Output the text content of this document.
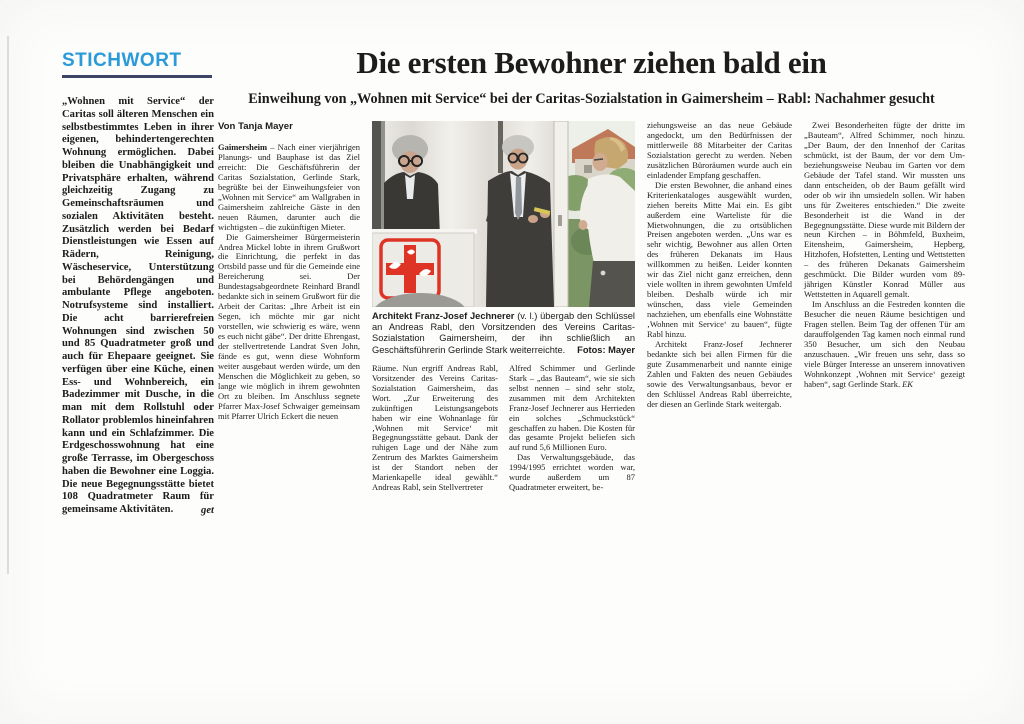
STICHWORT

„Wohnen mit Service“ der Caritas soll älteren Menschen ein selbstbestimmtes Leben in ihrer eigenen, behindertengerechten Wohnung ermöglichen. Dabei bleiben die Unabhängigkeit und Privatsphäre erhalten, während gleichzeitig Zugang zu Gemeinschaftsräumen und sozialen Aktivitäten besteht. Zusätzlich werden bei Bedarf Dienstleistungen wie Essen auf Rädern, Reinigung, Wäscheservice, Unterstützung bei Behördengängen und ambulante Pflege angeboten. Notrufsysteme sind installiert. Die acht barrierefreien Wohnungen sind zwischen 50 und 85 Quadratmeter groß und auch für Ehepaare geeignet. Sie verfügen über eine Küche, einen Ess- und Wohnbereich, ein Badezimmer mit Dusche, in die man mit dem Rollstuhl oder Rollator problemlos hineinfahren kann und ein Schlafzimmer. Die Erdgeschosswohnung hat eine große Terrasse, im Obergeschoss haben die Bewohner eine Loggia. Die neue Begegnungsstätte bietet 108 Quadratmeter Raum für gemeinsame Aktivitäten.	get

Die ersten Bewohner ziehen bald ein
Einweihung von „Wohnen mit Service“ bei der Caritas-Sozialstation in Gaimersheim – Rabl: Nachahmer gesucht

Von Tanja Mayer

Gaimersheim – Nach einer vierjährigen Planungs- und Bauphase ist das Ziel erreicht: Die Geschäftsführerin der Caritas Sozialstation, Gerlinde Stark, begrüßte bei der Einweihungsfeier von „Wohnen mit Service“ am Wallgraben in Gaimersheim zahlreiche Gäste in den neuen Räumen, darunter auch die wichtigsten – die zukünftigen Mieter.

Die Gaimersheimer Bürgermeisterin Andrea Mickel lobte in ihrem Grußwort die Einrichtung, die perfekt in das Ortsbild passe und für die Gemeinde eine Bereicherung sei. Der Bundestagsabgeordnete Reinhard Brandl bedankte sich in seinem Grußwort für die Arbeit der Caritas: „Ihre Arbeit ist ein Segen, ich möchte mir gar nicht vorstellen, wie schwierig es wäre, wenn es euch nicht gäbe“. Der dritte Ehrengast, der stellvertretende Landrat Sven John, fände es gut, wenn diese Wohnform weiter ausgebaut werden würde, um den Menschen die Möglichkeit zu geben, so lange wie möglich in ihrem gewohnten Ort zu bleiben. Im Anschluss segnete Pfarrer Max-Josef Schwaiger gemeinsam mit Pfarrer Ulrich Eckert die neuen

Architekt Franz-Josef Jechnerer (v. l.) übergab den Schlüssel an Andreas Rabl, den Vorsitzenden des Vereins Caritas-Sozialstation Gaimersheim, der ihn schließlich an Geschäftsführerin Gerlinde Stark weiterreichte.	Fotos: Mayer

Räume. Nun ergriff Andreas Rabl, Vorsitzender des Vereins Caritas-Sozialstation Gaimersheim, das Wort. „Zur Erweiterung des zukünftigen Leistungsangebots haben wir eine Wohnanlage für ‚Wohnen mit Service‘ mit Begegnungsstätte gebaut. Dank der ruhigen Lage und der Nähe zum Zentrum des Marktes Gaimersheim ist der Standort neben der Marienkapelle ideal gewählt.“ Andreas Rabl, sein Stellvertreter

Alfred Schimmer und Gerlinde Stark – „das Bauteam“, wie sie sich selbst nennen – sind sehr stolz, zusammen mit dem Architekten Franz-Josef Jechnerer aus Herrieden ein solches „Schmuckstück“ geschaffen zu haben. Die Kosten für das gesamte Projekt beliefen sich auf rund 5,6 Millionen Euro.

Das Verwaltungsgebäude, das 1994/1995 errichtet worden war, wurde außerdem um 87 Quadratmeter erweitert, be-

ziehungsweise an das neue Gebäude angedockt, um den Bedürfnissen der mittlerweile 88 Mitarbeiter der Caritas Sozialstation gerecht zu werden. Neben zusätzlichen Büroräumen wurde auch ein einladender Empfang geschaffen.

Die ersten Bewohner, die anhand eines Kriterienkataloges ausgewählt wurden, ziehen bereits Mitte Mai ein. Es gibt außerdem eine Warteliste für die Mietwohnungen, die zu ortsüblichen Preisen angeboten werden. „Uns war es sehr wichtig, Bewohner aus allen Orten des früheren Dekanats im Haus willkommen zu heißen. Leider konnten wir das Ziel nicht ganz erreichen, denn viele wollten in ihrem gewohnten Umfeld bleiben. Deshalb würde ich mir wünschen, dass viele Gemeinden nachziehen, um ebenfalls eine Wohnstätte ‚Wohnen mit Service‘ zu bauen“, fügte Rabl hinzu.

Architekt Franz-Josef Jechnerer bedankte sich bei allen Firmen für die gute Zusammenarbeit und nannte einige Zahlen und Fakten des neuen Gebäudes sowie des Verwaltungsanbaus, bevor er den Schlüssel Andreas Rabl überreichte, der diesen an Gerlinde Stark weitergab.

Zwei Besonderheiten fügte der dritte im „Bauteam“, Alfred Schimmer, noch hinzu. „Der Baum, der den Innenhof der Caritas schmückt, ist der Baum, der vor dem Um- beziehungsweise Neubau im Garten vor dem Gebäude der Tafel stand. Wir mussten uns dann entscheiden, ob der Baum gefällt wird oder ob wir ihn umsiedeln sollen. Wir haben uns für Zweiteres entschieden.“ Die zweite Besonderheit ist die Wand in der Begegnungsstätte. Diese wurde mit Bildern der neun Kirchen – in Böhmfeld, Buxheim, Eitensheim, Gaimersheim, Hepberg, Hitzhofen, Hofstetten, Lenting und Wettstetten – des früheren Dekanats Gaimersheim geschmückt. Die Bilder wurden vom 89-jährigen Künstler Konrad Müller aus Wettstetten in Aquarell gemalt.

Im Anschluss an die Festreden konnten die Besucher die neuen Räume besichtigen und Fragen stellen. Beim Tag der offenen Tür am darauffolgenden Tag kamen noch einmal rund 350 Besucher, um sich den Neubau anzuschauen. „Wir freuen uns sehr, dass so viele Bürger Interesse an unserem innovativen Wohnkonzept ‚Wohnen mit Service‘ gezeigt haben“, sagt Gerlinde Stark. EK
